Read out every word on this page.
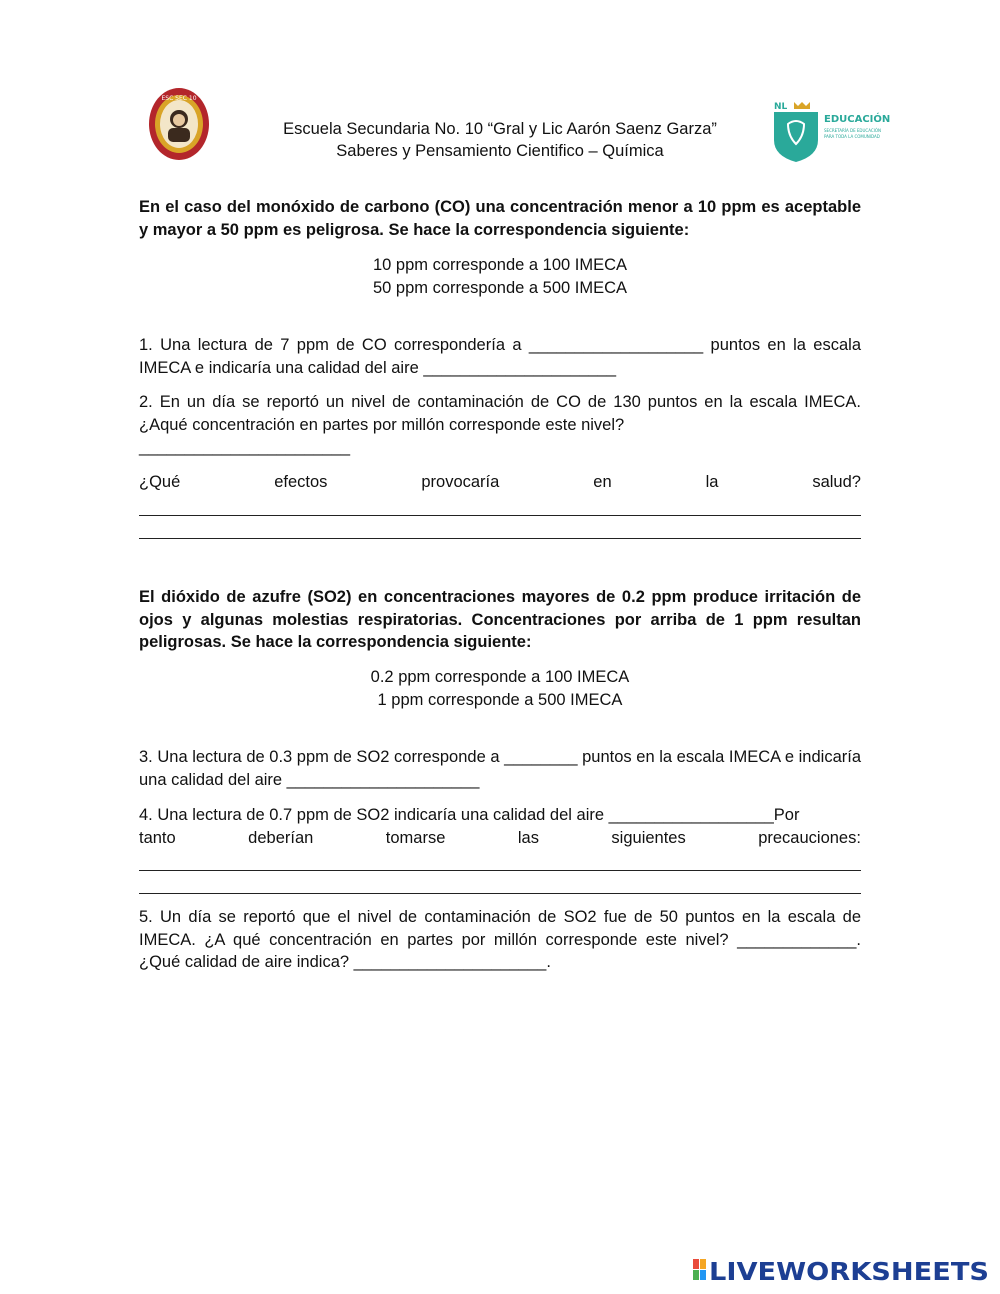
ESC SEC 10
Escuela Secundaria No. 10 “Gral y Lic Aarón Saenz Garza”
Saberes y Pensamiento Cientifico – Química
NL
EDUCACIÓN
SECRETARÍA DE EDUCACIÓN
PARA TODA LA COMUNIDAD
En el caso del monóxido de carbono (CO) una concentración menor a 10 ppm es aceptable y mayor a 50 ppm es peligrosa. Se hace la correspondencia siguiente:
10 ppm corresponde a 100 IMECA
50 ppm corresponde a 500 IMECA
1. Una lectura de 7 ppm de CO correspondería a ___________________ puntos en la escala IMECA e indicaría una calidad del aire _____________________
2. En un día se reportó un nivel de contaminación de CO de 130 puntos en la escala IMECA. ¿Aqué concentración en partes por millón corresponde este nivel?
_______________________
¿Qué	efectos	provocaría	en	la	salud?
El dióxido de azufre (SO2) en concentraciones mayores de 0.2 ppm produce irritación de ojos y algunas molestias respiratorias. Concentraciones por arriba de 1 ppm resultan peligrosas. Se hace la correspondencia siguiente:
0.2 ppm corresponde a 100 IMECA
1 ppm corresponde a 500 IMECA
3. Una lectura de 0.3 ppm de SO2 corresponde a ________ puntos en la escala IMECA e indicaría una calidad del aire _____________________
4. Una lectura de 0.7 ppm de SO2 indicaría una calidad del aire __________________Por
tanto	deberían	tomarse	las	siguientes	precauciones:
5. Un día se reportó que el nivel de contaminación de SO2 fue de 50 puntos en la escala de IMECA. ¿A qué concentración en partes por millón corresponde este nivel? _____________. ¿Qué calidad de aire indica? _____________________.
LIVEWORKSHEETS
